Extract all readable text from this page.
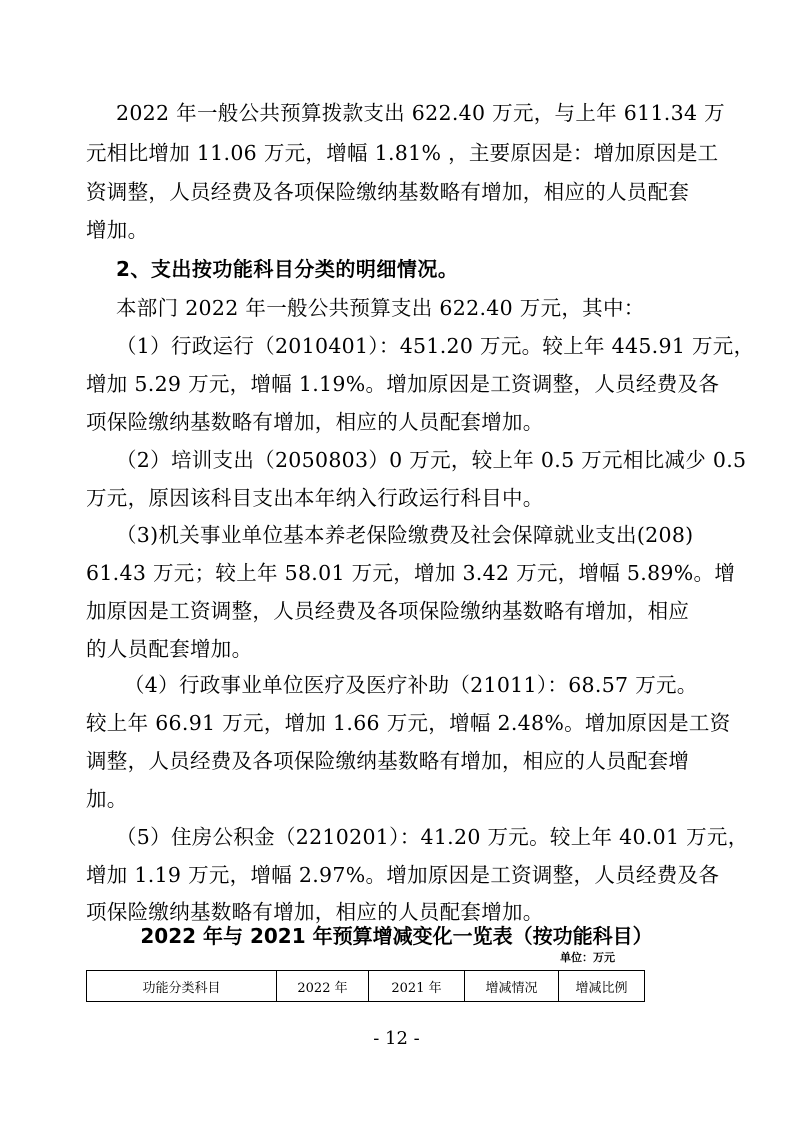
2022 年一般公共预算拨款支出 622.40 万元，与上年 611.34 万
元相比增加 11.06 万元，增幅 1.81% ，主要原因是：增加原因是工
资调整，人员经费及各项保险缴纳基数略有增加，相应的人员配套
增加。
2、支出按功能科目分类的明细情况。
本部门 2022 年一般公共预算支出 622.40 万元，其中：
（1）行政运行（2010401）：451.20 万元。较上年 445.91 万元，
增加 5.29 万元，增幅 1.19%。增加原因是工资调整，人员经费及各
项保险缴纳基数略有增加，相应的人员配套增加。
（2）培训支出（2050803）0 万元，较上年 0.5 万元相比减少 0.5
万元，原因该科目支出本年纳入行政运行科目中。
（3)机关事业单位基本养老保险缴费及社会保障就业支出(208)
61.43 万元；较上年 58.01 万元，增加 3.42 万元，增幅 5.89%。增
加原因是工资调整，人员经费及各项保险缴纳基数略有增加，相应
的人员配套增加。
（4）行政事业单位医疗及医疗补助（21011）：68.57 万元。
较上年 66.91 万元，增加 1.66 万元，增幅 2.48%。增加原因是工资
调整，人员经费及各项保险缴纳基数略有增加，相应的人员配套增
加。
（5）住房公积金（2210201）：41.20 万元。较上年 40.01 万元，
增加 1.19 万元，增幅 2.97%。增加原因是工资调整，人员经费及各
项保险缴纳基数略有增加，相应的人员配套增加。
2022 年与 2021 年预算增减变化一览表（按功能科目）
单位：万元
功能分类科目	2022 年	2021 年	增减情况	增减比例
- 12 -
